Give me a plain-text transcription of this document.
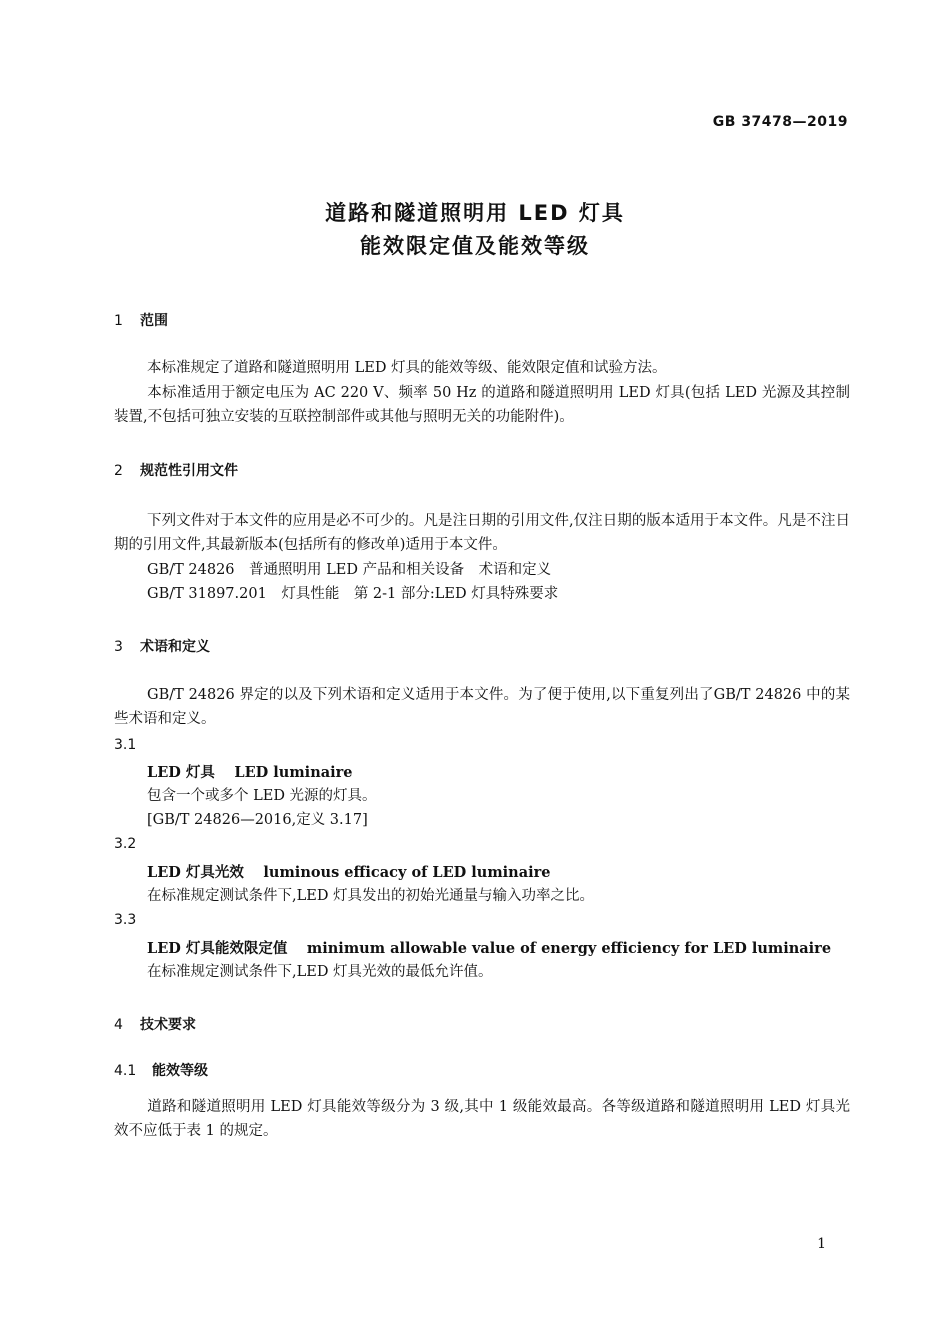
GB 37478—2019
道路和隧道照明用 LED 灯具
能效限定值及能效等级
1 范围
本标准规定了道路和隧道照明用 LED 灯具的能效等级、能效限定值和试验方法。
本标准适用于额定电压为 AC 220 V、频率 50 Hz 的道路和隧道照明用 LED 灯具(包括 LED 光源及其控制装置,不包括可独立安装的互联控制部件或其他与照明无关的功能附件)。
2 规范性引用文件
下列文件对于本文件的应用是必不可少的。凡是注日期的引用文件,仅注日期的版本适用于本文件。凡是不注日期的引用文件,其最新版本(包括所有的修改单)适用于本文件。
GB/T 24826　普通照明用 LED 产品和相关设备　术语和定义
GB/T 31897.201　灯具性能　第 2-1 部分:LED 灯具特殊要求
3 术语和定义
GB/T 24826 界定的以及下列术语和定义适用于本文件。为了便于使用,以下重复列出了GB/T 24826 中的某些术语和定义。
3.1
LED 灯具　 LED luminaire
包含一个或多个 LED 光源的灯具。
[GB/T 24826—2016,定义 3.17]
3.2
LED 灯具光效　 luminous efficacy of LED luminaire
在标准规定测试条件下,LED 灯具发出的初始光通量与输入功率之比。
3.3
LED 灯具能效限定值　 minimum allowable value of energy efficiency for LED luminaire
在标准规定测试条件下,LED 灯具光效的最低允许值。
4 技术要求
4.1 能效等级
道路和隧道照明用 LED 灯具能效等级分为 3 级,其中 1 级能效最高。各等级道路和隧道照明用 LED 灯具光效不应低于表 1 的规定。
1
